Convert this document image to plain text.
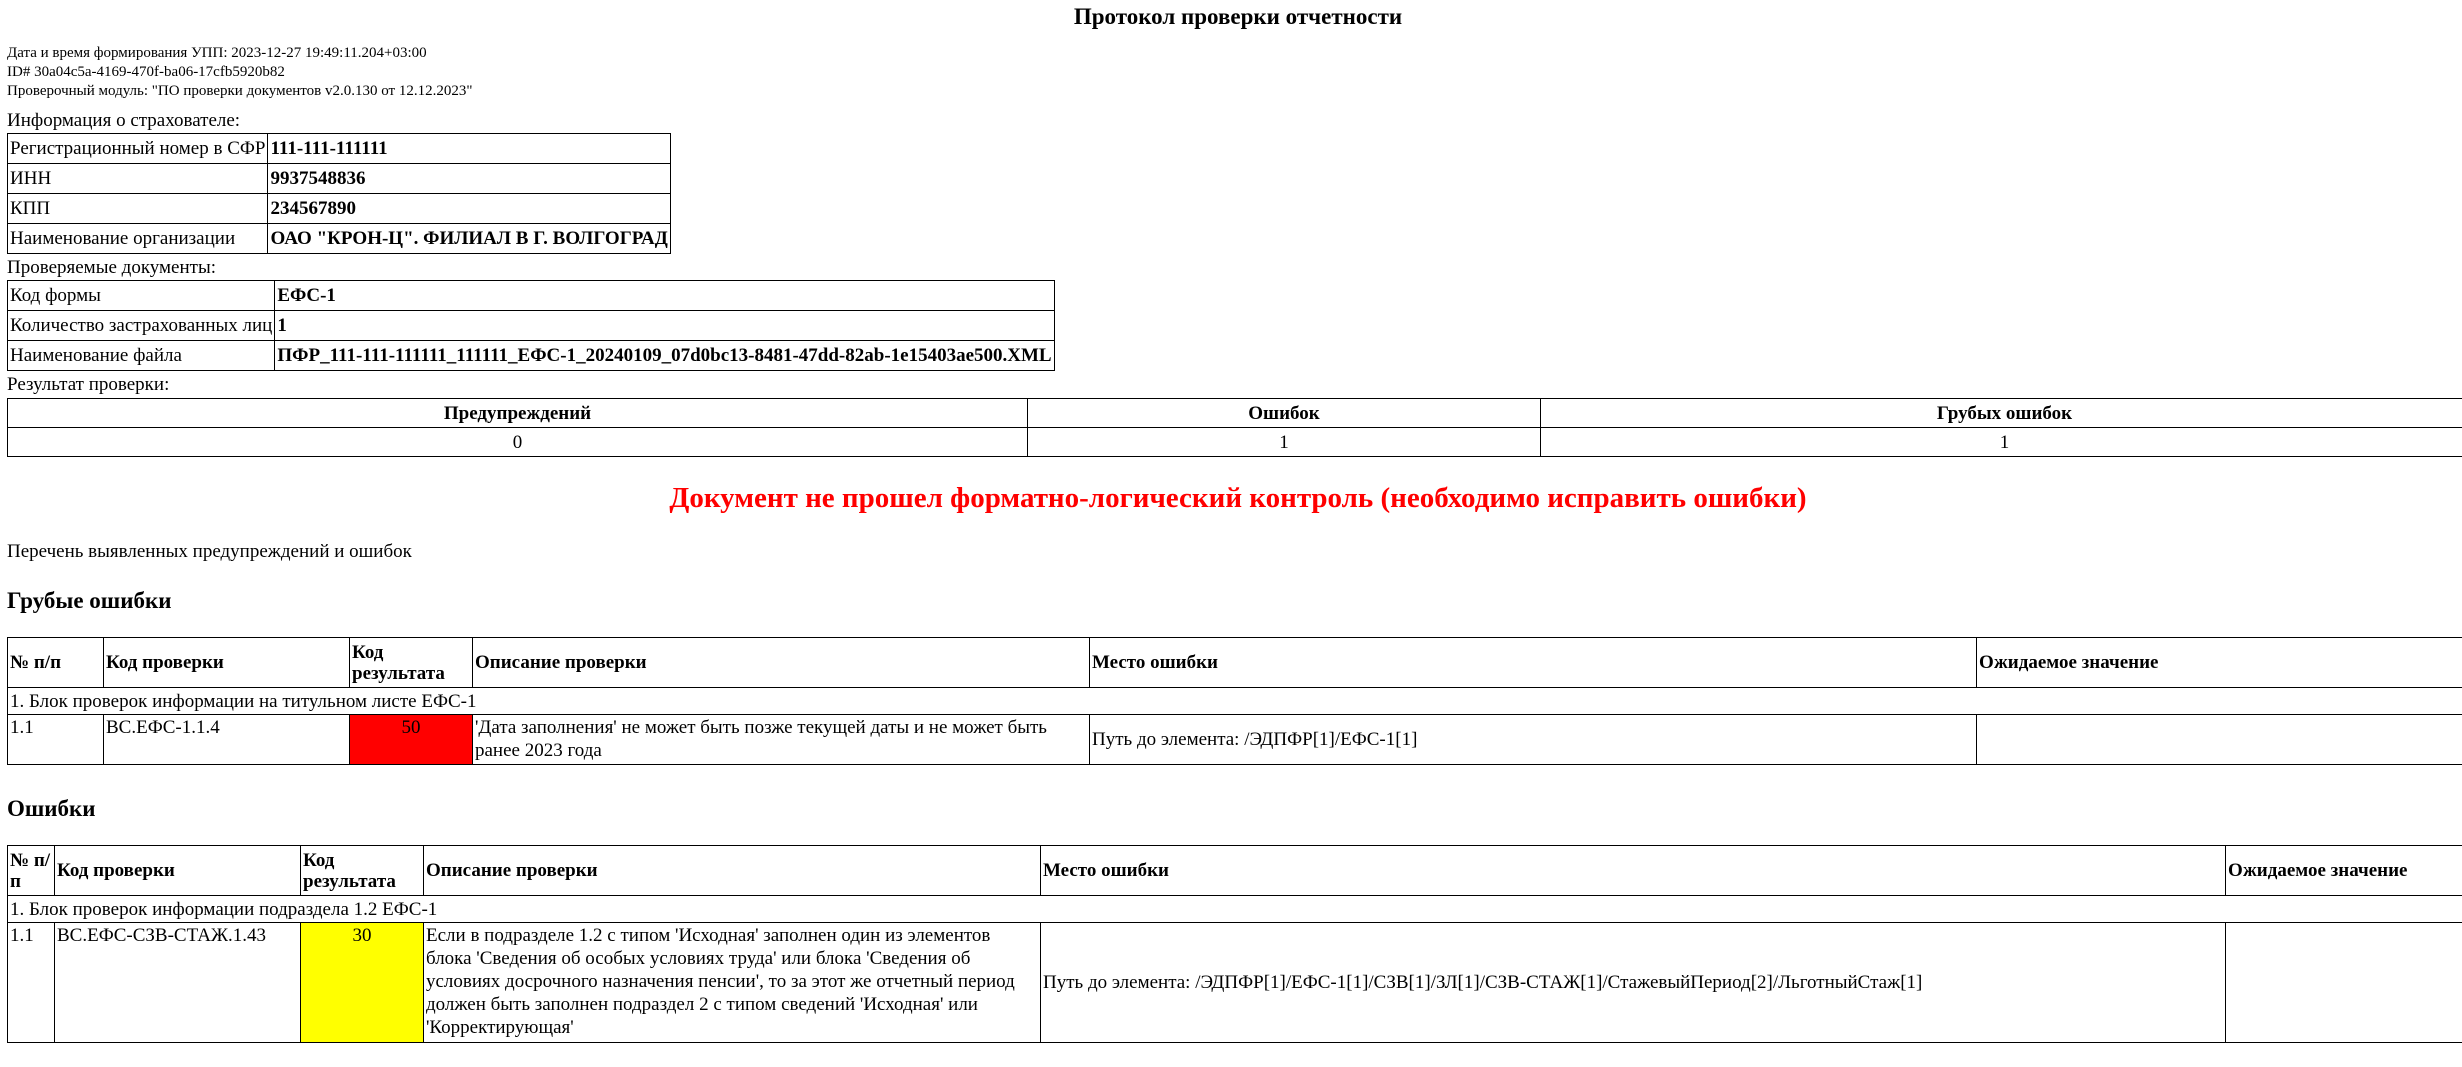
Протокол проверки отчетности
Дата и время формирования УПП: 2023-12-27 19:49:11.204+03:00
ID# 30a04c5a-4169-470f-ba06-17cfb5920b82
Проверочный модуль: "ПО проверки документов v2.0.130 от 12.12.2023"
Информация о страхователе:
Регистрационный номер в СФР	111-111-111111
ИНН	9937548836
КПП	234567890
Наименование организации	ОАО "КРОН-Ц". ФИЛИАЛ В Г. ВОЛГОГРАД
Проверяемые документы:
Код формы	ЕФС-1
Количество застрахованных лиц	1
Наименование файла	ПФР_111-111-111111_111111_ЕФС-1_20240109_07d0bc13-8481-47dd-82ab-1e15403ae500.XML
Результат проверки:
Предупреждений	Ошибок	Грубых ошибок
0	1	1
Документ не прошел форматно-логический контроль (необходимо исправить ошибки)
Перечень выявленных предупреждений и ошибок
Грубые ошибки
№ п/п	Код проверки	Код результата	Описание проверки	Место ошибки	Ожидаемое значение
1. Блок проверок информации на титульном листе ЕФС-1					
1.1	ВС.ЕФС-1.1.4	50	'Дата заполнения' не может быть позже текущей даты и не может быть ранее 2023 года	Путь до элемента: /ЭДПФР[1]/ЕФС-1[1]	
Ошибки
№ п/п	Код проверки	Код результата	Описание проверки	Место ошибки	Ожидаемое значение
1. Блок проверок информации подраздела 1.2 ЕФС-1					
1.1	ВС.ЕФС-СЗВ-СТАЖ.1.43	30	Если в подразделе 1.2 с типом 'Исходная' заполнен один из элементов блока 'Сведения об особых условиях труда' или блока 'Сведения об условиях досрочного назначения пенсии', то за этот же отчетный период должен быть заполнен подраздел 2 с типом сведений 'Исходная' или 'Корректирующая'	Путь до элемента: /ЭДПФР[1]/ЕФС-1[1]/СЗВ[1]/ЗЛ[1]/СЗВ-СТАЖ[1]/СтажевыйПериод[2]/ЛьготныйСтаж[1]	
